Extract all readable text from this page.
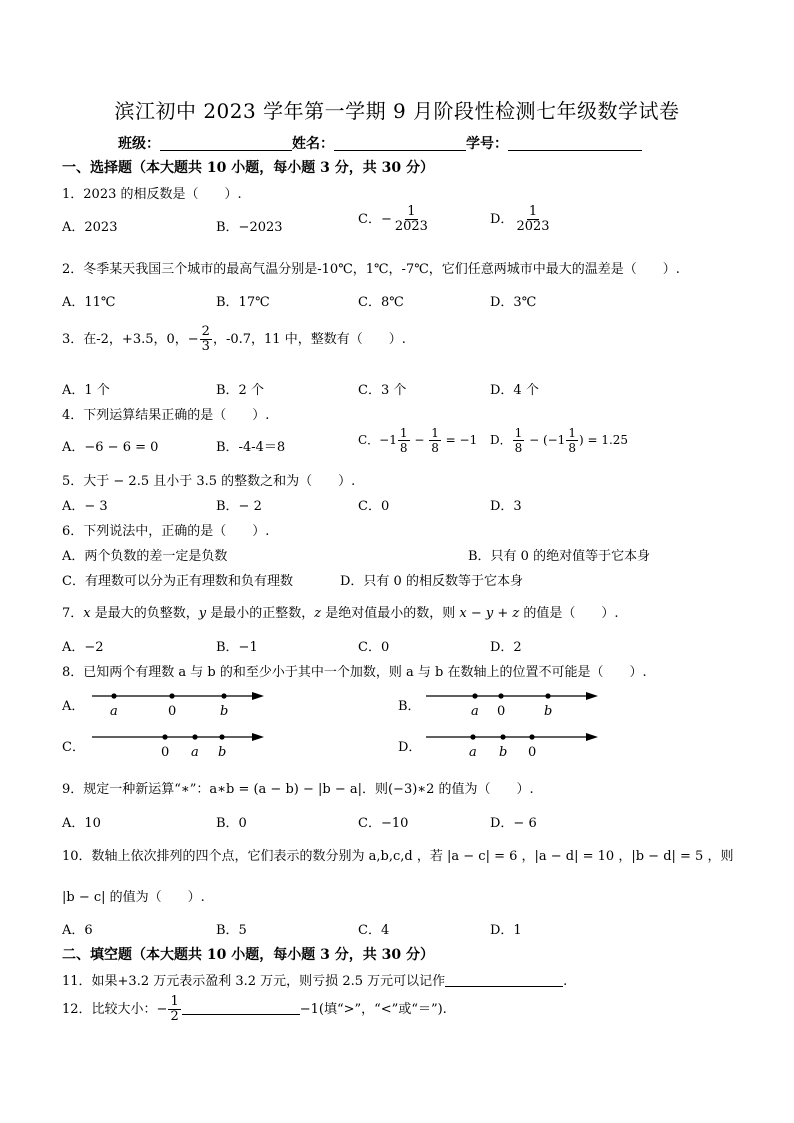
滨江初中 2023 学年第一学期 9 月阶段性检测七年级数学试卷
班级：	姓名：	学号：
一、选择题（本大题共 10 小题，每小题 3 分，共 30 分）
1．2023 的相反数是（　　）.
A．2023	B．−2023
C．− $\frac{1}{2023}$	D． $\frac{1}{2023}$
2．冬季某天我国三个城市的最高气温分别是-10℃，1℃，-7℃，它们任意两城市中最大的温差是（　　）.
A．11℃	B．17℃	C．8℃	D．3℃
3．在-2，+3.5，0，− $\frac{2}{3}$ ，-0.7，11 中，整数有（　　）.
A．1 个	B．2 个	C．3 个	D．4 个
4．下列运算结果正确的是（　　）.
A．−6 − 6 = 0	B．-4-4＝8	C．$-1 \frac{1}{8} - \frac{1}{8} = -1$ D． $\frac{1}{8} - (-1 \frac{1}{8}$ ) = 1.25
5．大于 − 2.5 且小于 3.5 的整数之和为（　　）.
A．− 3	B．− 2	C．0	D．3
6．下列说法中，正确的是（　　）.
A．两个负数的差一定是负数	B．只有 0 的绝对值等于它本身
C．有理数可以分为正有理数和负有理数	D．只有 0 的相反数等于它本身
7．x 是最大的负整数，y 是最小的正整数，z 是绝对值最小的数，则 x − y + z 的值是（　　）.
A．−2	B．−1	C．0	D．2
8．已知两个有理数 a 与 b 的和至少小于其中一个加数，则 a 与 b 在数轴上的位置不可能是（　　）.
A． a	0	b	B．	a 0	b
C．	0 a b	D．	a b 0
9．规定一种新运算“∗”：a∗b = (a − b) − |b − a|．则(−3)∗2 的值为（　　）.
A．10	B．0	C．−10	D．− 6
10．数轴上依次排列的四个点，它们表示的数分别为 a,b,c,d ，若 |a − c| = 6 ，|a − d| = 10 ，|b − d| = 5 ，则
|b − c| 的值为（　　）.
A．6	B．5	C．4	D．1
二、填空题（本大题共 10 小题，每小题 3 分，共 30 分）
11．如果+3.2 万元表示盈利 3.2 万元，则亏损 2.5 万元可以记作	.
12．比较大小：− $\frac{1}{2}$	−1(填“>”，“<”或“＝”).
